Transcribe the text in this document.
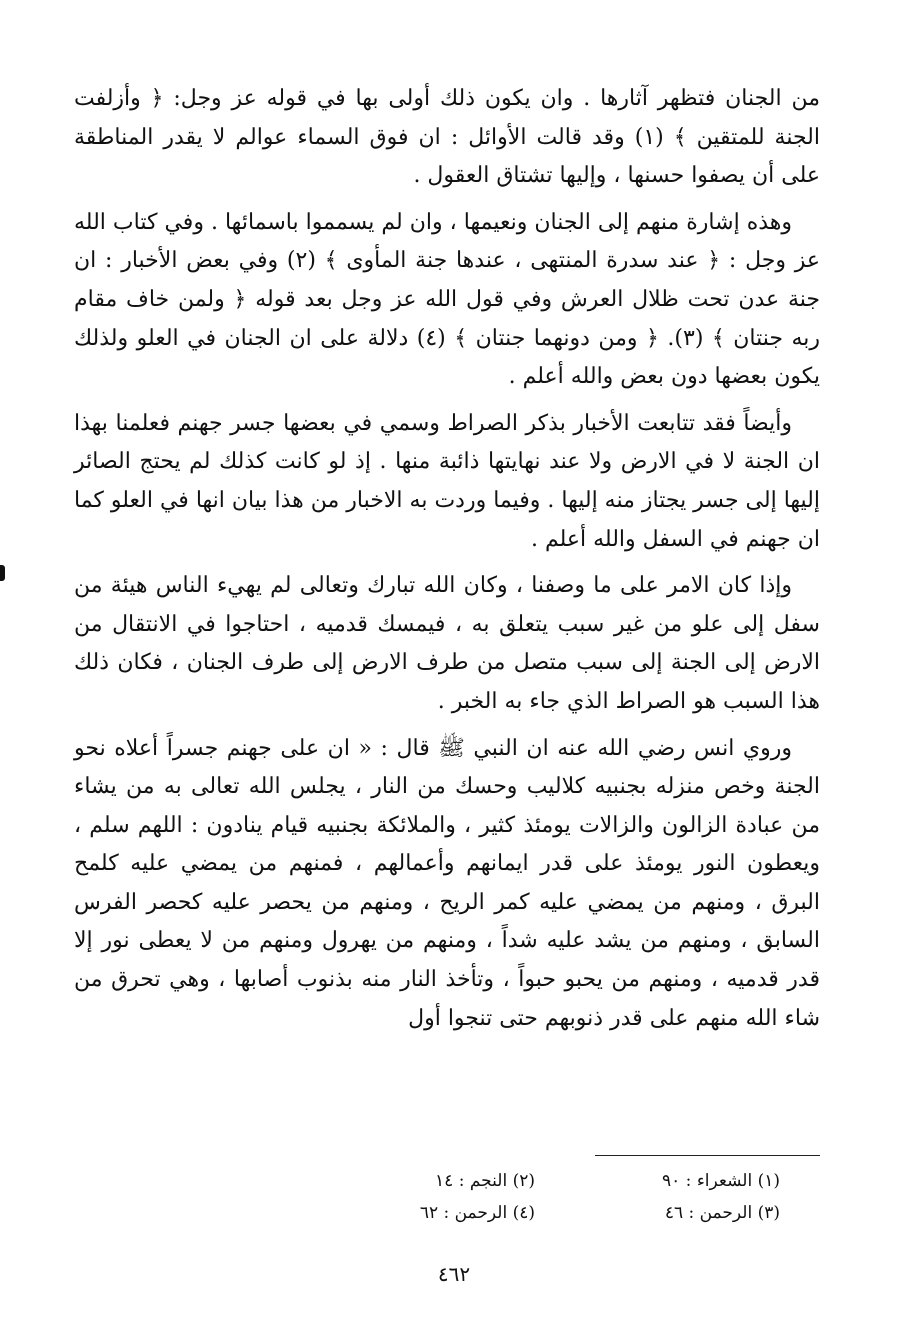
من الجنان فتظهر آثارها . وان يكون ذلك أولى بها في قوله عز وجل: ﴿ وأزلفت الجنة للمتقين ﴾ (١) وقد قالت الأوائل : ان فوق السماء عوالم لا يقدر المناطقة على أن يصفوا حسنها ، وإليها تشتاق العقول .

وهذه إشارة منهم إلى الجنان ونعيمها ، وان لم يسمموا باسمائها . وفي كتاب الله عز وجل : ﴿ عند سدرة المنتهى ، عندها جنة المأوى ﴾ (٢) وفي بعض الأخبار : ان جنة عدن تحت ظلال العرش وفي قول الله عز وجل بعد قوله ﴿ ولمن خاف مقام ربه جنتان ﴾ (٣). ﴿ ومن دونهما جنتان ﴾ (٤) دلالة على ان الجنان في العلو ولذلك يكون بعضها دون بعض والله أعلم .

وأيضاً فقد تتابعت الأخبار بذكر الصراط وسمي في بعضها جسر جهنم فعلمنا بهذا ان الجنة لا في الارض ولا عند نهايتها ذائبة منها . إذ لو كانت كذلك لم يحتج الصائر إليها إلى جسر يجتاز منه إليها . وفيما وردت به الاخبار من هذا بيان انها في العلو كما ان جهنم في السفل والله أعلم .

وإذا كان الامر على ما وصفنا ، وكان الله تبارك وتعالى لم يهيء الناس هيئة من سفل إلى علو من غير سبب يتعلق به ، فيمسك قدميه ، احتاجوا في الانتقال من الارض إلى الجنة إلى سبب متصل من طرف الارض إلى طرف الجنان ، فكان ذلك هذا السبب هو الصراط الذي جاء به الخبر .

وروي انس رضي الله عنه ان النبي ﷺ قال : « ان على جهنم جسراً أعلاه نحو الجنة وخص منزله بجنبيه كلاليب وحسك من النار ، يجلس الله تعالى به من يشاء من عبادة الزالون والزالات يومئذ كثير ، والملائكة بجنبيه قيام ينادون : اللهم سلم ، ويعطون النور يومئذ على قدر ايمانهم وأعمالهم ، فمنهم من يمضي عليه كلمح البرق ، ومنهم من يمضي عليه كمر الريح ، ومنهم من يحصر عليه كحصر الفرس السابق ، ومنهم من يشد عليه شداً ، ومنهم من يهرول ومنهم من لا يعطى نور إلا قدر قدميه ، ومنهم من يحبو حبواً ، وتأخذ النار منه بذنوب أصابها ، وهي تحرق من شاء الله منهم على قدر ذنوبهم حتى تنجوا أول

(١) الشعراء : ٩٠
(٢) النجم : ١٤
(٣) الرحمن : ٤٦
(٤) الرحمن : ٦٢
٤٦٢
